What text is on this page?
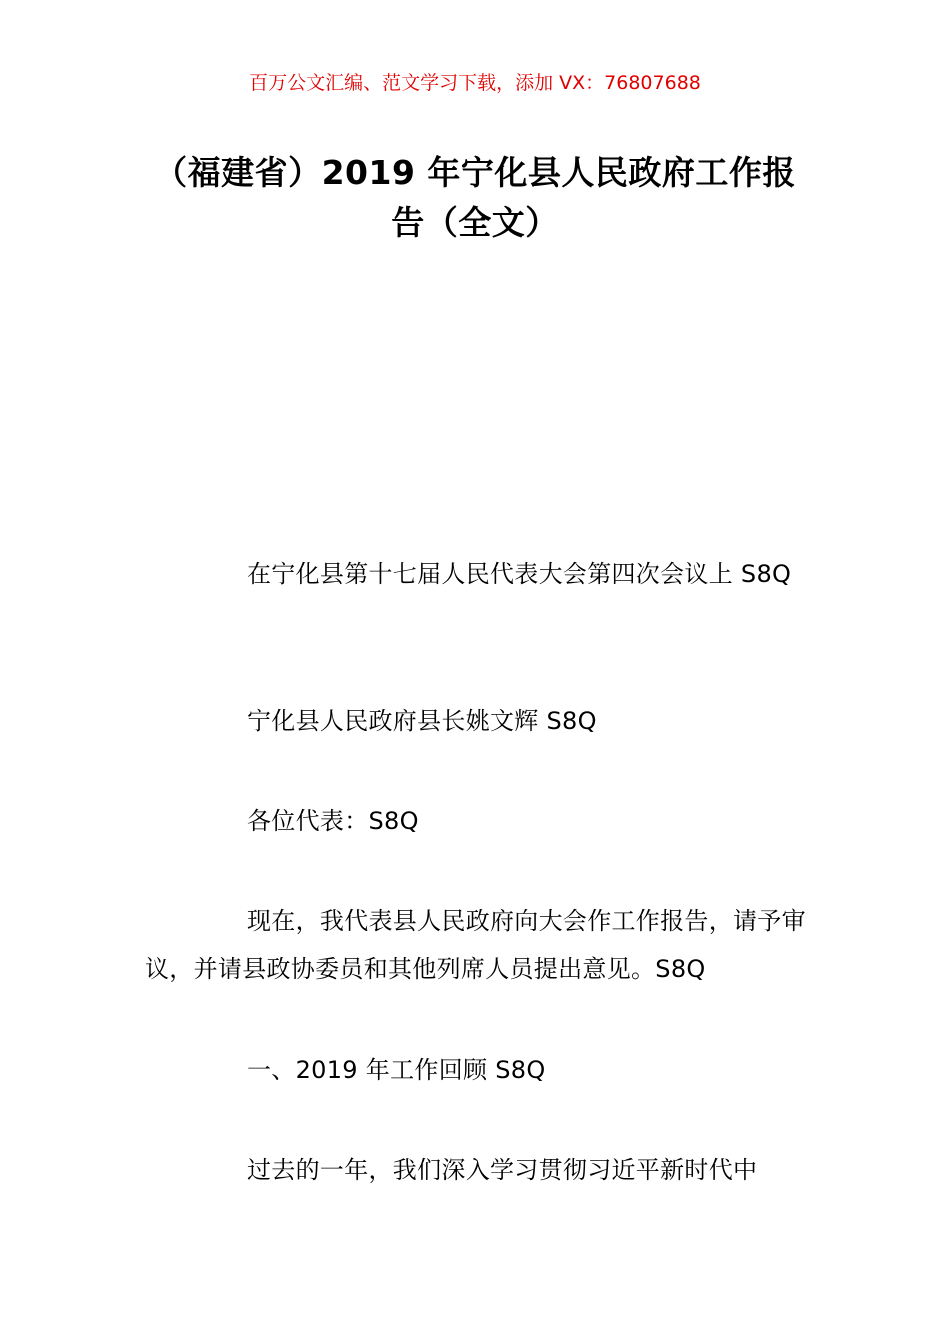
百万公文汇编、范文学习下载，添加 VX：76807688
（福建省）2019 年宁化县人民政府工作报告（全文）
在宁化县第十七届人民代表大会第四次会议上 S8Q
宁化县人民政府县长姚文辉 S8Q
各位代表：S8Q
现在，我代表县人民政府向大会作工作报告，请予审议，并请县政协委员和其他列席人员提出意见。S8Q
一、2019 年工作回顾 S8Q
过去的一年，我们深入学习贯彻习近平新时代中
